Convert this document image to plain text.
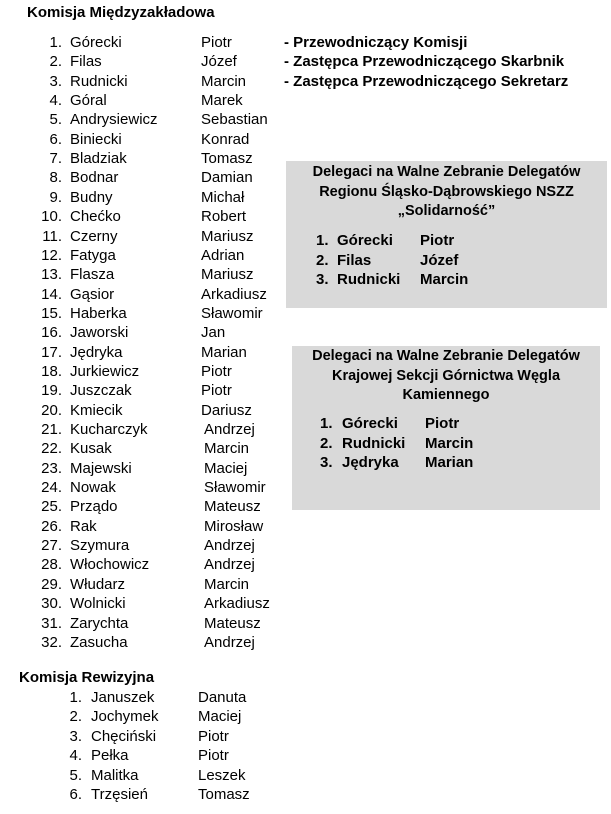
Komisja Międzyzakładowa
1. Górecki	Piotr
2. Filas	Józef
3. Rudnicki	Marcin
4. Góral	Marek
5. Andrysiewicz	Sebastian
6. Biniecki	Konrad
7. Bladziak	Tomasz
8. Bodnar	Damian
9. Budny	Michał
10. Chećko	Robert
11. Czerny	Mariusz
12. Fatyga	Adrian
13. Flasza	Mariusz
14. Gąsior	Arkadiusz
15. Haberka	Sławomir
16. Jaworski	Jan
17. Jędryka	Marian
18. Jurkiewicz	Piotr
19. Juszczak	Piotr
20. Kmiecik	Dariusz
21. Kucharczyk	Andrzej
22. Kusak	Marcin
23. Majewski	Maciej
24. Nowak	Sławomir
25. Prządo	Mateusz
26. Rak	Mirosław
27. Szymura	Andrzej
28. Włochowicz	Andrzej
29. Włudarz	Marcin
30. Wolnicki	Arkadiusz
31. Zarychta	Mateusz
32. Zasucha	Andrzej
- Przewodniczący Komisji
- Zastępca Przewodniczącego Skarbnik
- Zastępca Przewodniczącego Sekretarz
Delegaci na Walne Zebranie Delegatów
Regionu Śląsko-Dąbrowskiego NSZZ
„Solidarność”
1. Górecki Piotr
2. Filas	Józef
3. Rudnicki Marcin
Delegaci na Walne Zebranie Delegatów
Krajowej Sekcji Górnictwa Węgla
Kamiennego
1. Górecki Piotr
2. Rudnicki Marcin
3. Jędryka Marian
Komisja Rewizyjna
1. Januszek	Danuta
2. Jochymek	Maciej
3. Chęciński	Piotr
4. Pełka	Piotr
5. Malitka	Leszek
6. Trzęsień	Tomasz
